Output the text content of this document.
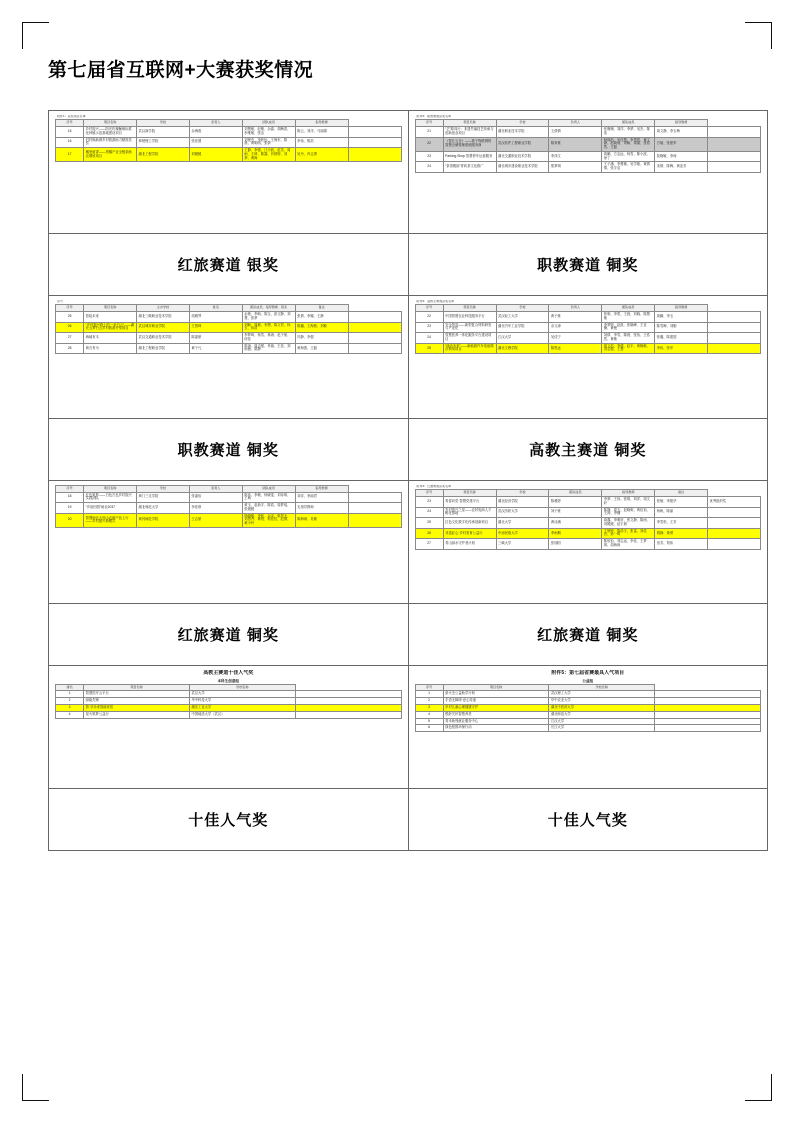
第七届省互联网+大赛获奖情况
附件1：获奖项目名单
序号	项目名称	学校	负责人	团队成员	指导教师	
15	乡村振兴——阳光玫瑰葡萄标准化种植示范基地建设项目	武汉商学院	余海燕	刘慧敏、赵敏、余嘉、胡梅香、李维敏、张洁	陈云、刘洋、马丽娟	
16	旧村焕新颜乡村旅游助力精准扶贫	荆楚理工学院	张佳慧	刘俊杰、李欣怡、王海东、陈晨、黄明明、张倩	李伟、熊浩	
17	橘里留香——柑橘产业全链条助农增收项目	湖北工程学院	刘媛媛	王静、李强、江小波、赵雪、周雨、王琦、陈露、肖婷婷、刘梦、黄海	吴丹、肖志勇	
附件2：职教赛道获奖名单
序号	项目名称	学校	负责人	团队成员	指导教师	
21	“艺”路同行：非遗竹编技艺传承与创新创业项目	湖北职业技术学院	王倩倩	张珊珊、刘洋、李梦、吴杰、陈浩	周文静、李玉梅	
22	《智汇云仓》——基于物联网的智慧仓储管理系统服务商	武汉软件工程职业学院	陈家豪	杨林浩、吴佳慧、李思思、黄文静、赵晓雨、刘畅、周丽、张浩然、王磊	方敏、张建军	
23	Parking Shop 智慧停车运营服务	湖北交通职业技术学院	李泽文	周鹏、方志远、杨雪、陈小波、徐丁	詹晓敏、李涛	
24	“茶香雅韵”青砖茶文化推广	湖北城市建设职业技术学院	熊梦琪	王子涵、李慧敏、吴学敏、黄倩倩、张宇辰	宋倩、陈梅、黄亚芳	
红旅赛道 银奖	职教赛道 铜奖
序号
序号	项目名称	主办学校	姓名	团队成员、指导教师、院系	备注	
25	智绘未来	湖北三峡职业技术学院	周雅琴	余艳、李响、陈玉、彭文静、刘慧、张梦	张倩、李娜、王静	
26	“乡村振兴路上的一朵白云”——湖北云梦白云乡村旅游开发项目	武汉城市职业学院	王思琦	刘畅、周敏、李想、陈文君、杨玉、孙浩	陈璐、王海燕、刘敏	
27	海阔有木	武汉交通职业技术学院	陈嘉豪	李梦琦、杨雪、林涛、赵子豪、何佳	冯静、李强	
28	黄石有为	湖北工程职业学院	黄子凡	陈涛、周志强、肖丽、王佳、刘雨薇、陈静	黄海燕、王磊	
附件3：高教主赛道获奖名单
序号	项目名称	学校	负责人	团队成员	指导教师	
22	中国智慧农业科技服务平台	武汉轻工大学	黄子豪	张明、李思、王晨、刘晓、陈慧敏	周鹏、李玉	
23	安全智造——新型复合材料研发与产业化	湖北汽车工业学院	余文涛	李梦婷、赵凯、张晓峰、王亚楠、黄俊	陈雪梅、刘刚	
24	智慧医养一体化服务平台建设项目	江汉大学	吴佳宁	刘倩、李雪、陈晨、张怡、王浩然、黄敏	张璐、陈建国	
25	“绿动未来”——新能源汽车电池梯次利用项目	湖北文理学院	陈思远	周文浩、李倩、赵宇、黄晓敏、刘志强、王慧	李伟、张华	
职教赛道 铜奖	高教主赛道 铜奖
序号	项目名称	学校	负责人	团队成员	指导教师	
18	红色筑梦——白色古色乡村振兴实践团队	荆门三支学院	张嘉怡	陈希、李敏、杨晓雯、刘诗琪、王萌	刘洋、李丽君	
19	“乡韵田园”助农2037	湖北师范大学	李佳琪	黄玉、赵新宇、陈浩、周梦瑶、张媛媛	无指导教师	
20	智慧助农大别山农副产品上行——乡村振兴新模式	黄冈师范学院	王志豪	杨晓敏、李欣、余灵、陈昊天、刘思齐、林悦、郭佳佳、赵倩、黄小玲	陈海涛、吴敏	
附件4：红旅赛道获奖名单
序号	项目名称	学校	团队成员	指导教师	备注	
23	青春向党·智慧党建平台	湖北经济学院	陈雅婷	李梦、王伟、张琪、刘洋、周文轩	张敏、李建华	优秀组织奖
24	乡村振兴之星——农村电商人才孵化基地	武汉纺织大学	刘子豪	陈静、周玉、赵晓明、黄佳怡、王涛、李楠	杨帆、陈丽	
25	红色文化数字化传承创新项目	湖北大学	黄诗涵	周鑫、李明轩、张文静、陈雨、刘媛媛、赵宇晨	李雪松、王芳	
26	非遗匠心·乡村美育公益行	中南民族大学	李雨桐	王婷婷、陈浩宇、张雷、刘佳音、孙一鸣	胡静、黄勇	
27	青山绿水守护者计划	三峡大学	张瑞阳	陈欣怡、刘志远、李佳、王梦琪、周海涛	田芳、郑伟	
红旅赛道 铜奖	红旅赛道 铜奖
高教主赛道十佳人气奖
本科生创意组
排名	项目名称	学校名称	
1	智慧医疗云平台	武汉大学	
2	绿能先锋	华中科技大学	
3	智·享未来智能家居	湖北工业大学	
4	星火筑梦公益行	中国地质大学（武汉）	
附件5：第七届省赛最具人气项目
公益组
序号	项目名称	学校名称	
1	萤火虫公益助学计划	武汉理工大学	
2	手语无障碍·爱心传递	华中农业大学	
3	乡村儿童心理健康守护	湖北中医药大学	
4	银龄关怀智慧养老	湖北师范大学	
5	青禾助残就业服务中心	江汉大学	
6	绿色校园环保行动	长江大学	
十佳人气奖	十佳人气奖
